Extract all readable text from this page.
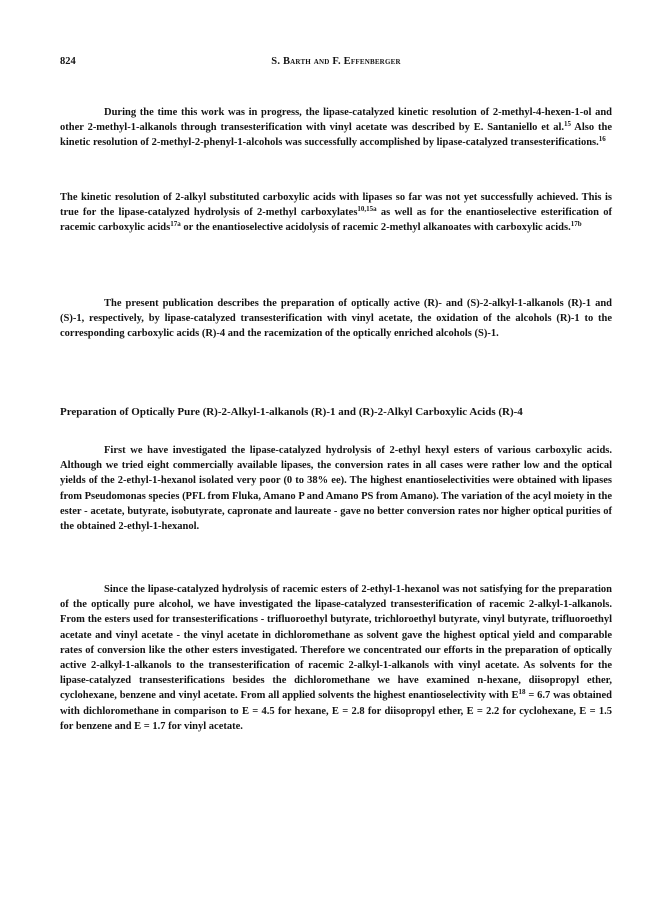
824	S. Barth and F. Effenberger

During the time this work was in progress, the lipase-catalyzed kinetic resolution of 2-methyl-4-hexen-1-ol and other 2-methyl-1-alkanols through transesterification with vinyl acetate was described by E. Santaniello et al.$^{15}$ Also the kinetic resolution of 2-methyl-2-phenyl-1-alcohols was successfully accomplished by lipase-catalyzed transesterifications.$^{16}$

The kinetic resolution of 2-alkyl substituted carboxylic acids with lipases so far was not yet successfully achieved. This is true for the lipase-catalyzed hydrolysis of 2-methyl carboxylates$^{10,15a}$ as well as for the enantioselective esterification of racemic carboxylic acids$^{17a}$ or the enantioselective acidolysis of racemic 2-methyl alkanoates with carboxylic acids.$^{17b}$

The present publication describes the preparation of optically active (R)- and (S)-2-alkyl-1-alkanols (R)-1 and (S)-1, respectively, by lipase-catalyzed transesterification with vinyl acetate, the oxidation of the alcohols (R)-1 to the corresponding carboxylic acids (R)-4 and the racemization of the optically enriched alcohols (S)-1.

Preparation of Optically Pure (R)-2-Alkyl-1-alkanols (R)-1 and (R)-2-Alkyl Carboxylic Acids (R)-4

First we have investigated the lipase-catalyzed hydrolysis of 2-ethyl hexyl esters of various carboxylic acids. Although we tried eight commercially available lipases, the conversion rates in all cases were rather low and the optical yields of the 2-ethyl-1-hexanol isolated very poor (0 to 38% ee). The highest enantioselectivities were obtained with lipases from Pseudomonas species (PFL from Fluka, Amano P and Amano PS from Amano). The variation of the acyl moiety in the ester - acetate, butyrate, isobutyrate, capronate and laureate - gave no better conversion rates nor higher optical purities of the obtained 2-ethyl-1-hexanol.

Since the lipase-catalyzed hydrolysis of racemic esters of 2-ethyl-1-hexanol was not satisfying for the preparation of the optically pure alcohol, we have investigated the lipase-catalyzed transesterification of racemic 2-alkyl-1-alkanols. From the esters used for transesterifications - trifluoroethyl butyrate, trichloroethyl butyrate, vinyl butyrate, trifluoroethyl acetate and vinyl acetate - the vinyl acetate in dichloromethane as solvent gave the highest optical yield and comparable rates of conversion like the other esters investigated. Therefore we concentrated our efforts in the preparation of optically active 2-alkyl-1-alkanols to the transesterification of racemic 2-alkyl-1-alkanols with vinyl acetate. As solvents for the lipase-catalyzed transesterifications besides the dichloromethane we have examined n-hexane, diisopropyl ether, cyclohexane, benzene and vinyl acetate. From all applied solvents the highest enantioselectivity with $E^{18} = 6.7$ was obtained with dichloromethane in comparison to E = 4.5 for hexane, E = 2.8 for diisopropyl ether, E = 2.2 for cyclohexane, E = 1.5 for benzene and E = 1.7 for vinyl acetate.
